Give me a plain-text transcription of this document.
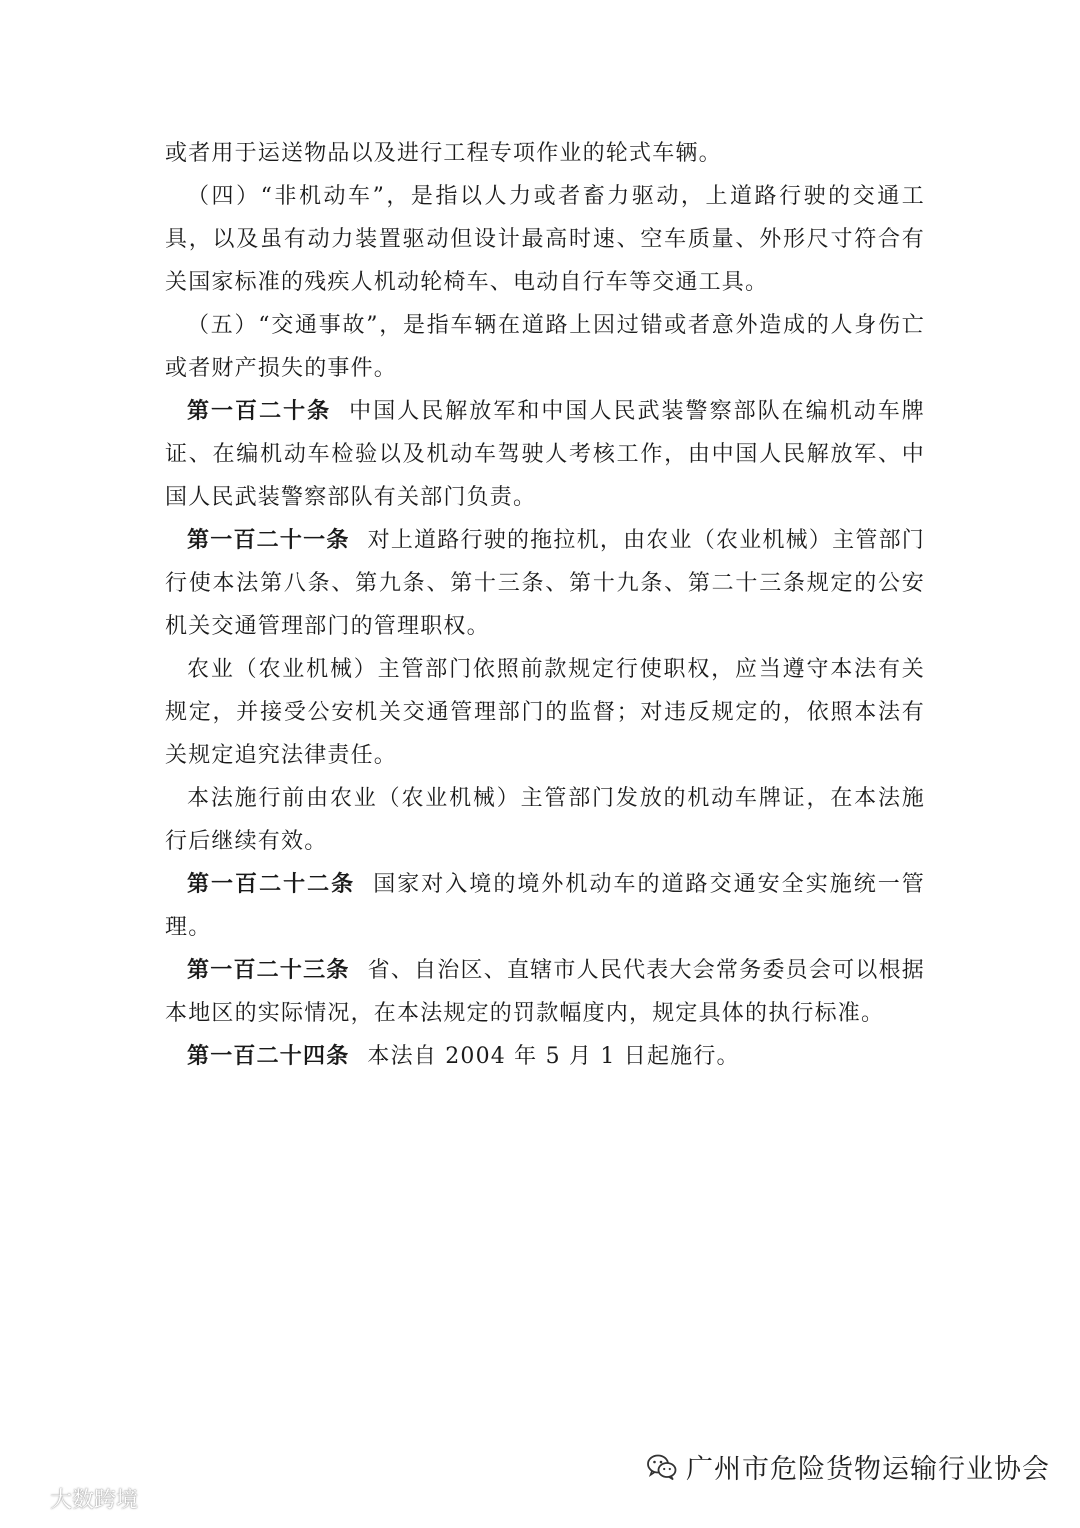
或者用于运送物品以及进行工程专项作业的轮式车辆。

（四）“非机动车”，是指以人力或者畜力驱动，上道路行驶的交通工具，以及虽有动力装置驱动但设计最高时速、空车质量、外形尺寸符合有关国家标准的残疾人机动轮椅车、电动自行车等交通工具。

（五）“交通事故”，是指车辆在道路上因过错或者意外造成的人身伤亡或者财产损失的事件。

第一百二十条 中国人民解放军和中国人民武装警察部队在编机动车牌证、在编机动车检验以及机动车驾驶人考核工作，由中国人民解放军、中国人民武装警察部队有关部门负责。

第一百二十一条 对上道路行驶的拖拉机，由农业（农业机械）主管部门行使本法第八条、第九条、第十三条、第十九条、第二十三条规定的公安机关交通管理部门的管理职权。

农业（农业机械）主管部门依照前款规定行使职权，应当遵守本法有关规定，并接受公安机关交通管理部门的监督；对违反规定的，依照本法有关规定追究法律责任。

本法施行前由农业（农业机械）主管部门发放的机动车牌证，在本法施行后继续有效。

第一百二十二条 国家对入境的境外机动车的道路交通安全实施统一管理。

第一百二十三条 省、自治区、直辖市人民代表大会常务委员会可以根据本地区的实际情况，在本法规定的罚款幅度内，规定具体的执行标准。

第一百二十四条 本法自 2004 年 5 月 1 日起施行。

广州市危险货物运输行业协会
大数跨境
